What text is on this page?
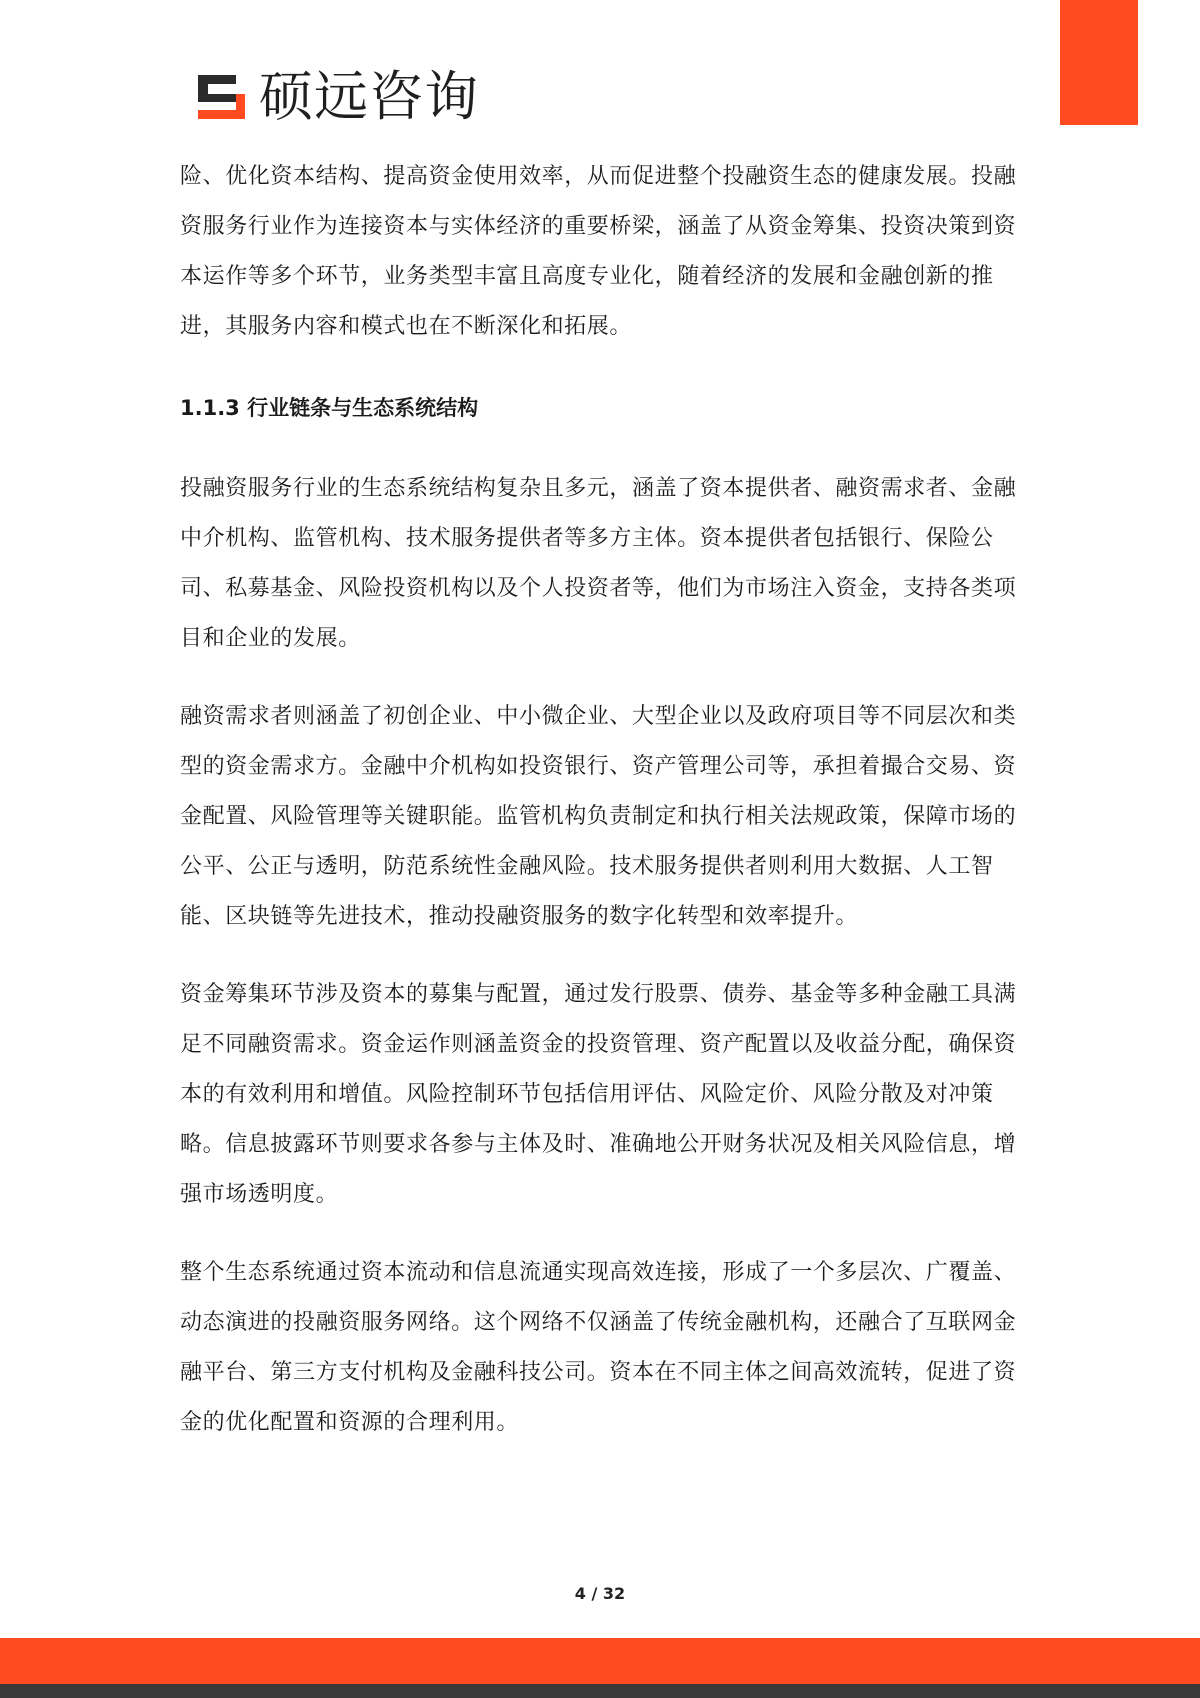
硕远咨询

险、优化资本结构、提高资金使用效率，从而促进整个投融资生态的健康发展。投融资服务行业作为连接资本与实体经济的重要桥梁，涵盖了从资金筹集、投资决策到资本运作等多个环节，业务类型丰富且高度专业化，随着经济的发展和金融创新的推进，其服务内容和模式也在不断深化和拓展。

1.1.3 行业链条与生态系统结构

投融资服务行业的生态系统结构复杂且多元，涵盖了资本提供者、融资需求者、金融中介机构、监管机构、技术服务提供者等多方主体。资本提供者包括银行、保险公司、私募基金、风险投资机构以及个人投资者等，他们为市场注入资金，支持各类项目和企业的发展。

融资需求者则涵盖了初创企业、中小微企业、大型企业以及政府项目等不同层次和类型的资金需求方。金融中介机构如投资银行、资产管理公司等，承担着撮合交易、资金配置、风险管理等关键职能。监管机构负责制定和执行相关法规政策，保障市场的公平、公正与透明，防范系统性金融风险。技术服务提供者则利用大数据、人工智能、区块链等先进技术，推动投融资服务的数字化转型和效率提升。

资金筹集环节涉及资本的募集与配置，通过发行股票、债券、基金等多种金融工具满足不同融资需求。资金运作则涵盖资金的投资管理、资产配置以及收益分配，确保资本的有效利用和增值。风险控制环节包括信用评估、风险定价、风险分散及对冲策略。信息披露环节则要求各参与主体及时、准确地公开财务状况及相关风险信息，增强市场透明度。

整个生态系统通过资本流动和信息流通实现高效连接，形成了一个多层次、广覆盖、动态演进的投融资服务网络。这个网络不仅涵盖了传统金融机构，还融合了互联网金融平台、第三方支付机构及金融科技公司。资本在不同主体之间高效流转，促进了资金的优化配置和资源的合理利用。

4 / 32
